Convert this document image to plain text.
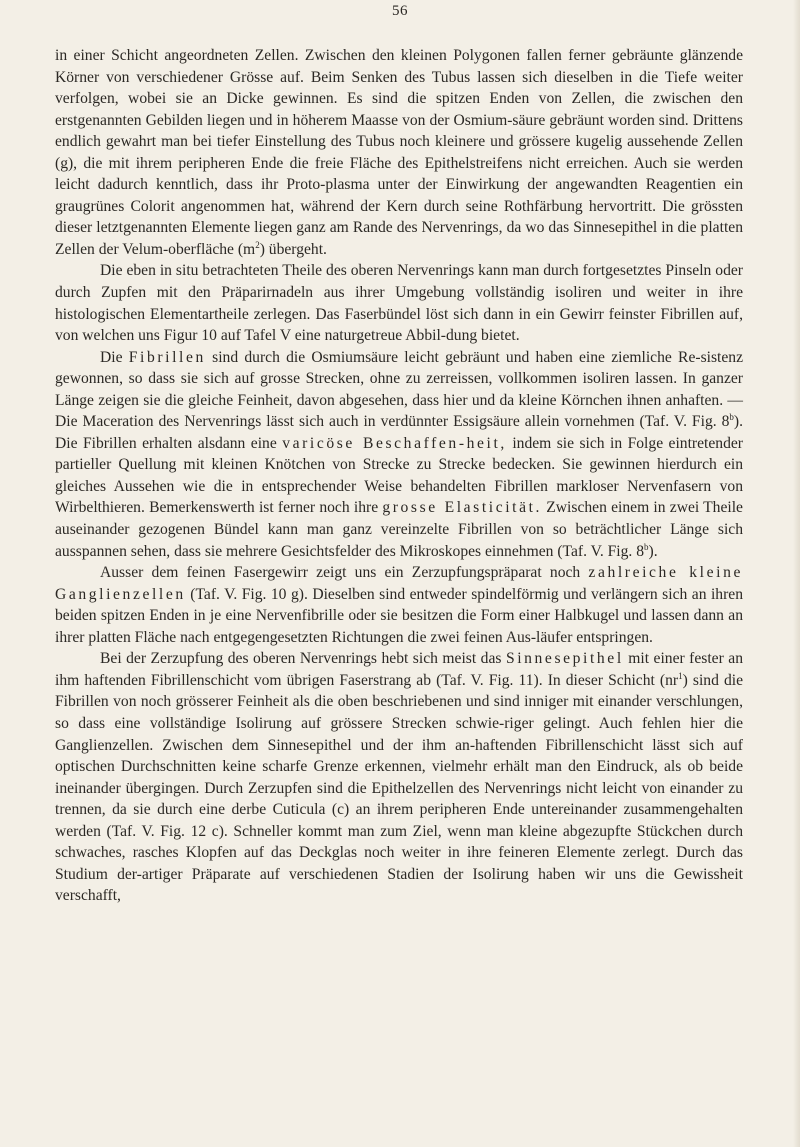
56

in einer Schicht angeordneten Zellen. Zwischen den kleinen Polygonen fallen ferner gebräunte glänzende Körner von verschiedener Grösse auf. Beim Senken des Tubus lassen sich dieselben in die Tiefe weiter verfolgen, wobei sie an Dicke gewinnen. Es sind die spitzen Enden von Zellen, die zwischen den erstgenannten Gebilden liegen und in höherem Maasse von der Osmium-säure gebräunt worden sind. Drittens endlich gewahrt man bei tiefer Einstellung des Tubus noch kleinere und grössere kugelig aussehende Zellen (g), die mit ihrem peripheren Ende die freie Fläche des Epithelstreifens nicht erreichen. Auch sie werden leicht dadurch kenntlich, dass ihr Proto-plasma unter der Einwirkung der angewandten Reagentien ein graugrünes Colorit angenommen hat, während der Kern durch seine Rothfärbung hervortritt. Die grössten dieser letztgenannten Elemente liegen ganz am Rande des Nervenrings, da wo das Sinnesepithel in die platten Zellen der Velum-oberfläche $(m^2)$ übergeht.

Die eben in situ betrachteten Theile des oberen Nervenrings kann man durch fortgesetztes Pinseln oder durch Zupfen mit den Präparirnadeln aus ihrer Umgebung vollständig isoliren und weiter in ihre histologischen Elementartheile zerlegen. Das Faserbündel löst sich dann in ein Gewirr feinster Fibrillen auf, von welchen uns Figur 10 auf Tafel V eine naturgetreue Abbil-dung bietet.

Die Fibrillen sind durch die Osmiumsäure leicht gebräunt und haben eine ziemliche Re-sistenz gewonnen, so dass sie sich auf grosse Strecken, ohne zu zerreissen, vollkommen isoliren lassen. In ganzer Länge zeigen sie die gleiche Feinheit, davon abgesehen, dass hier und da kleine Körnchen ihnen anhaften. — Die Maceration des Nervenrings lässt sich auch in verdünnter Essigsäure allein vornehmen (Taf. V. Fig. 8$^b$). Die Fibrillen erhalten alsdann eine varicöse Beschaffen-heit, indem sie sich in Folge eintretender partieller Quellung mit kleinen Knötchen von Strecke zu Strecke bedecken. Sie gewinnen hierdurch ein gleiches Aussehen wie die in entsprechender Weise behandelten Fibrillen markloser Nervenfasern von Wirbelthieren. Bemerkenswerth ist ferner noch ihre grosse Elasticität. Zwischen einem in zwei Theile auseinander gezogenen Bündel kann man ganz vereinzelte Fibrillen von so beträchtlicher Länge sich ausspannen sehen, dass sie mehrere Gesichtsfelder des Mikroskopes einnehmen (Taf. V. Fig. 8$^b$).

Ausser dem feinen Fasergewirr zeigt uns ein Zerzupfungspräparat noch zahlreiche kleine Ganglienzellen (Taf. V. Fig. 10 g). Dieselben sind entweder spindelförmig und verlängern sich an ihren beiden spitzen Enden in je eine Nervenfibrille oder sie besitzen die Form einer Halbkugel und lassen dann an ihrer platten Fläche nach entgegengesetzten Richtungen die zwei feinen Aus-läufer entspringen.

Bei der Zerzupfung des oberen Nervenrings hebt sich meist das Sinnesepithel mit einer fester an ihm haftenden Fibrillenschicht vom übrigen Faserstrang ab (Taf. V. Fig. 11). In dieser Schicht $(nr^1)$ sind die Fibrillen von noch grösserer Feinheit als die oben beschriebenen und sind inniger mit einander verschlungen, so dass eine vollständige Isolirung auf grössere Strecken schwie-riger gelingt. Auch fehlen hier die Ganglienzellen. Zwischen dem Sinnesepithel und der ihm an-haftenden Fibrillenschicht lässt sich auf optischen Durchschnitten keine scharfe Grenze erkennen, vielmehr erhält man den Eindruck, als ob beide ineinander übergingen. Durch Zerzupfen sind die Epithelzellen des Nervenrings nicht leicht von einander zu trennen, da sie durch eine derbe Cuticula (c) an ihrem peripheren Ende untereinander zusammengehalten werden (Taf. V. Fig. 12 c). Schneller kommt man zum Ziel, wenn man kleine abgezupfte Stückchen durch schwaches, rasches Klopfen auf das Deckglas noch weiter in ihre feineren Elemente zerlegt. Durch das Studium der-artiger Präparate auf verschiedenen Stadien der Isolirung haben wir uns die Gewissheit verschafft,
